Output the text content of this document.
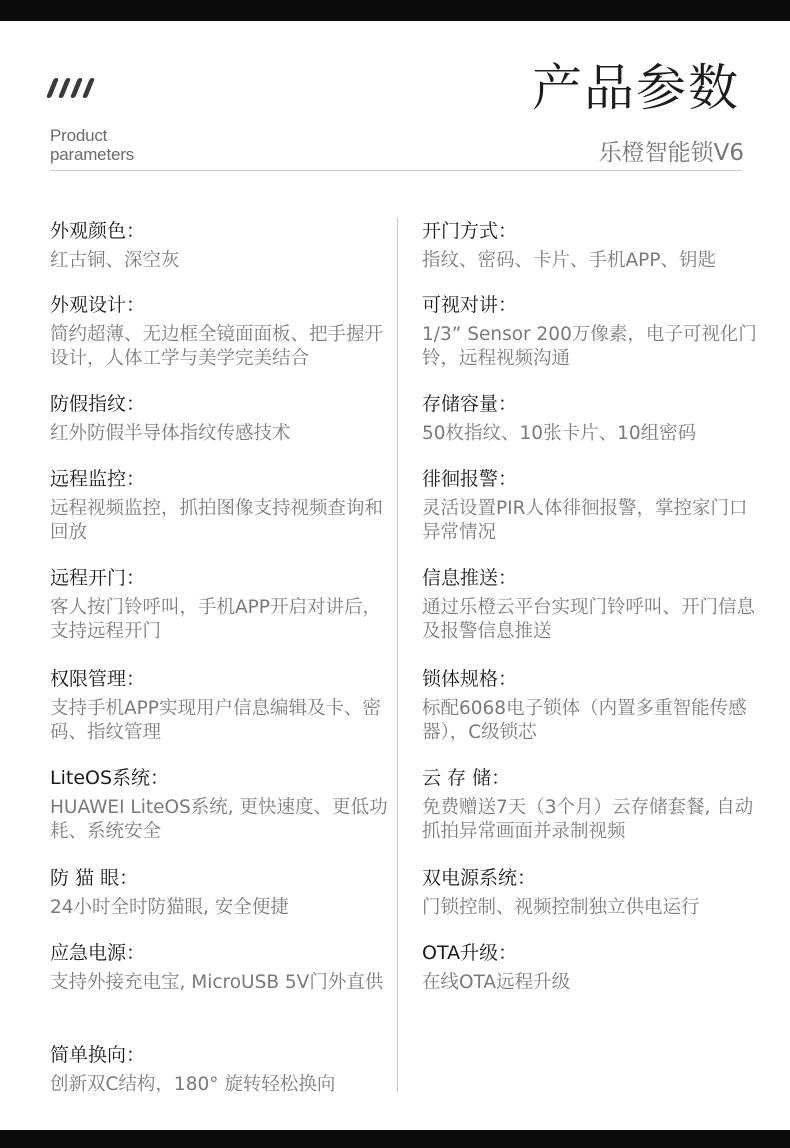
Product
parameters
产品参数
乐橙智能锁V6
外观颜色：
红古铜、深空灰
外观设计：
简约超薄、无边框全镜面面板、把手握开设计，人体工学与美学完美结合
防假指纹：
红外防假半导体指纹传感技术
远程监控：
远程视频监控，抓拍图像支持视频查询和回放
远程开门：
客人按门铃呼叫，手机APP开启对讲后，支持远程开门
权限管理：
支持手机APP实现用户信息编辑及卡、密码、指纹管理
LiteOS系统：
HUAWEI LiteOS系统, 更快速度、更低功耗、系统安全
防 猫 眼：
24小时全时防猫眼, 安全便捷
应急电源：
支持外接充电宝, MicroUSB 5V门外直供
简单换向：
创新双C结构，180° 旋转轻松换向
开门方式：
指纹、密码、卡片、手机APP、钥匙
可视对讲：
1/3” Sensor 200万像素，电子可视化门铃，远程视频沟通
存储容量：
50枚指纹、10张卡片、10组密码
徘徊报警：
灵活设置PIR人体徘徊报警，掌控家门口异常情况
信息推送：
通过乐橙云平台实现门铃呼叫、开门信息及报警信息推送
锁体规格：
标配6068电子锁体（内置多重智能传感器），C级锁芯
云 存 储：
免费赠送7天（3个月）云存储套餐, 自动抓拍异常画面并录制视频
双电源系统：
门锁控制、视频控制独立供电运行
OTA升级：
在线OTA远程升级
